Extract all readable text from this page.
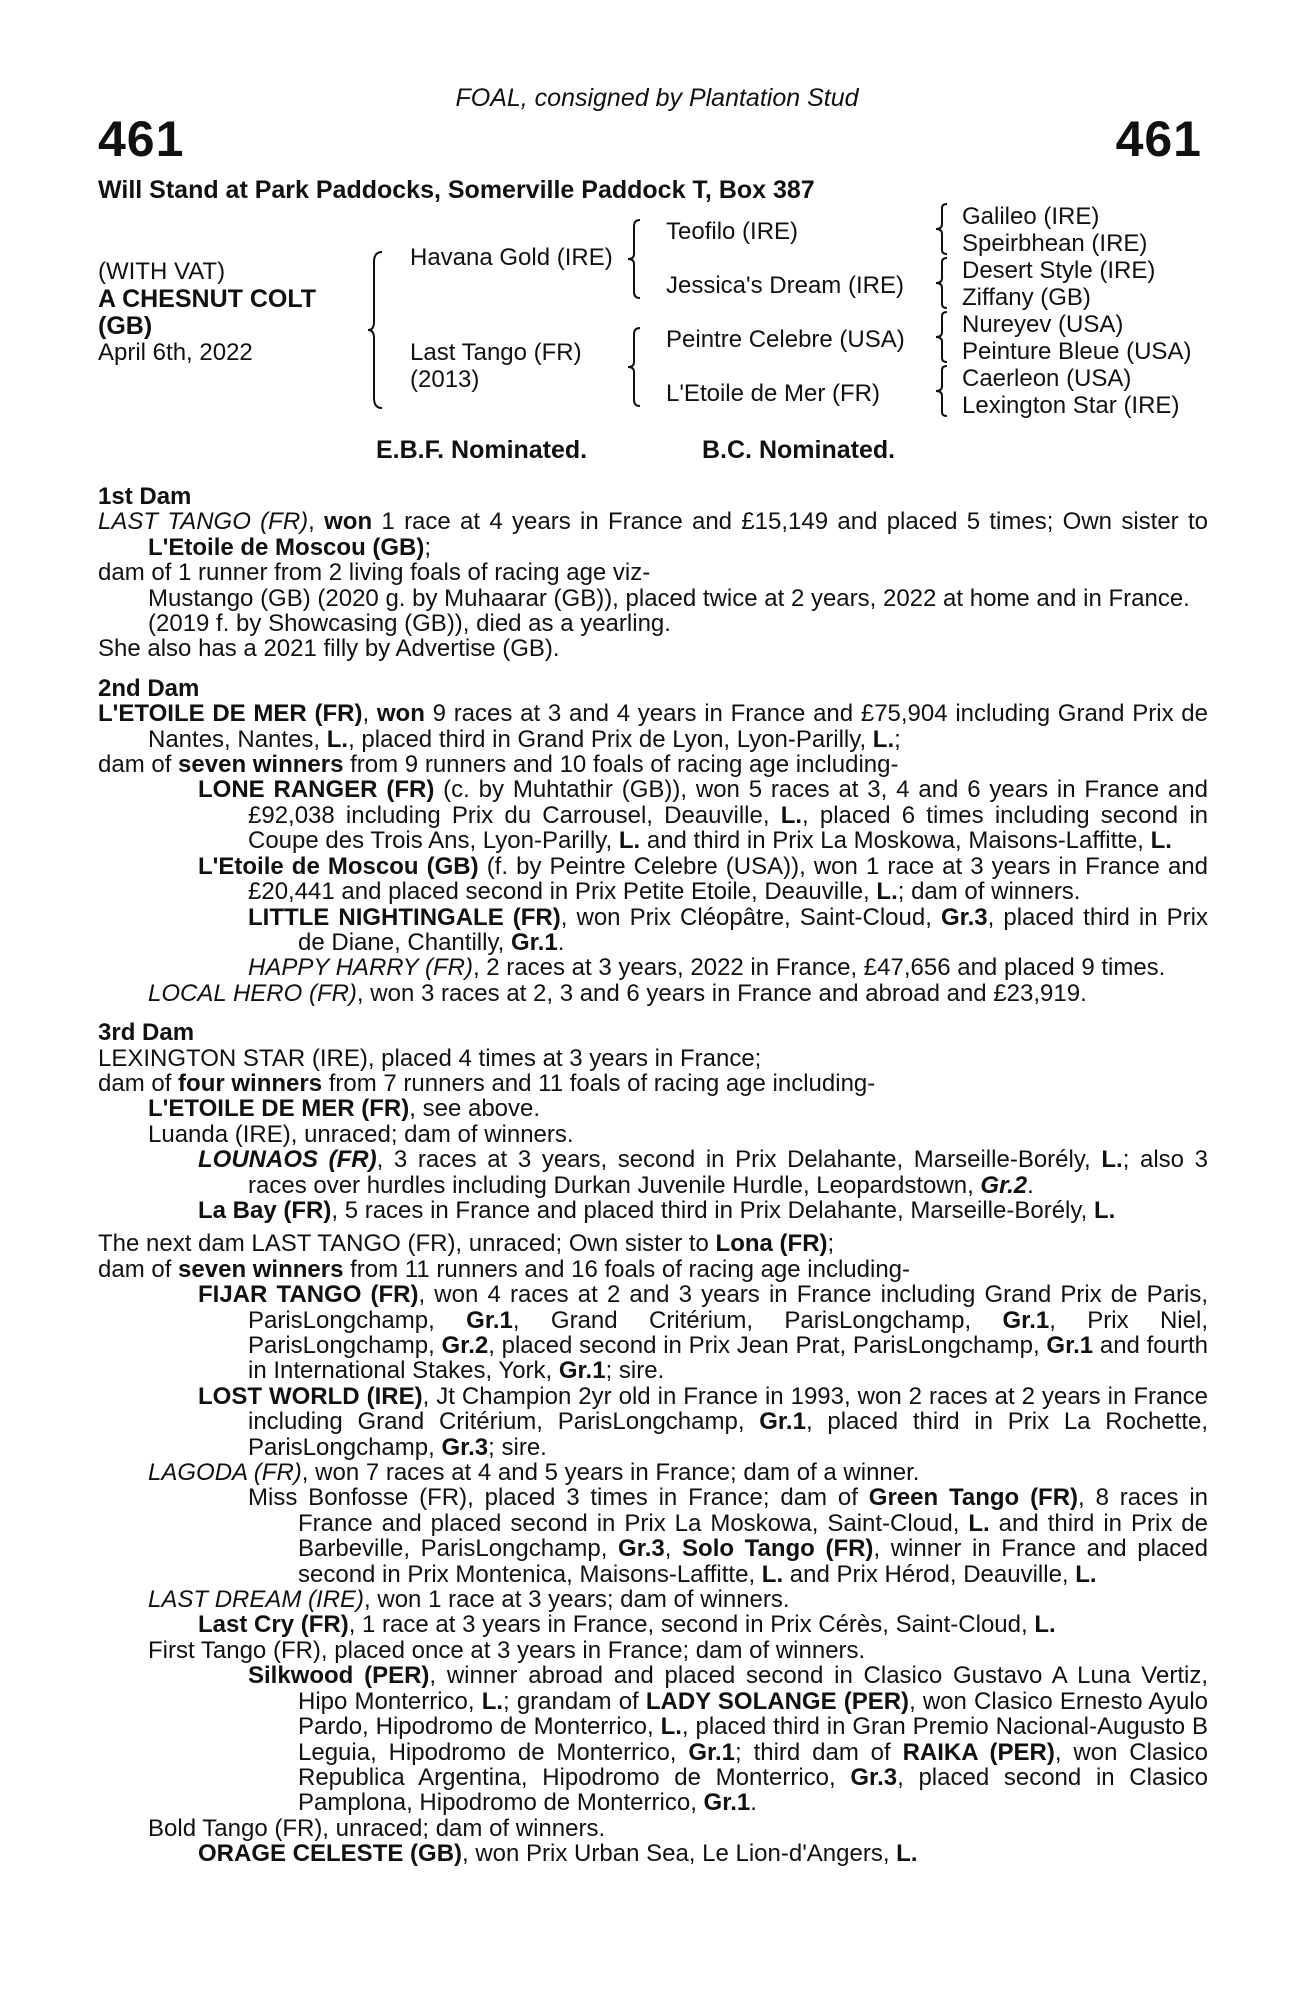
FOAL, consigned by Plantation Stud
461	461
Will Stand at Park Paddocks, Somerville Paddock T, Box 387
(WITH VAT)
A CHESNUT COLT
(GB)
April 6th, 2022
Havana Gold (IRE)
Last Tango (FR)
(2013)
Teofilo (IRE)
Jessica's Dream (IRE)
Peintre Celebre (USA)
L'Etoile de Mer (FR)
Galileo (IRE)
Speirbhean (IRE)
Desert Style (IRE)
Ziffany (GB)
Nureyev (USA)
Peinture Bleue (USA)
Caerleon (USA)
Lexington Star (IRE)
E.B.F. Nominated.	B.C. Nominated.
1st Dam

LAST TANGO (FR), won 1 race at 4 years in France and £15,149 and placed 5 times; Own sister to L'Etoile de Moscou (GB);

dam of 1 runner from 2 living foals of racing age viz-

Mustango (GB) (2020 g. by Muhaarar (GB)), placed twice at 2 years, 2022 at home and in France.

(2019 f. by Showcasing (GB)), died as a yearling.

She also has a 2021 filly by Advertise (GB).

2nd Dam

L'ETOILE DE MER (FR), won 9 races at 3 and 4 years in France and £75,904 including Grand Prix de Nantes, Nantes, L., placed third in Grand Prix de Lyon, Lyon-Parilly, L.;

dam of seven winners from 9 runners and 10 foals of racing age including-

LONE RANGER (FR) (c. by Muhtathir (GB)), won 5 races at 3, 4 and 6 years in France and £92,038 including Prix du Carrousel, Deauville, L., placed 6 times including second in Coupe des Trois Ans, Lyon-Parilly, L. and third in Prix La Moskowa, Maisons-Laffitte, L.

L'Etoile de Moscou (GB) (f. by Peintre Celebre (USA)), won 1 race at 3 years in France and £20,441 and placed second in Prix Petite Etoile, Deauville, L.; dam of winners.

LITTLE NIGHTINGALE (FR), won Prix Cléopâtre, Saint-Cloud, Gr.3, placed third in Prix de Diane, Chantilly, Gr.1.

HAPPY HARRY (FR), 2 races at 3 years, 2022 in France, £47,656 and placed 9 times.

LOCAL HERO (FR), won 3 races at 2, 3 and 6 years in France and abroad and £23,919.

3rd Dam

LEXINGTON STAR (IRE), placed 4 times at 3 years in France;

dam of four winners from 7 runners and 11 foals of racing age including-

L'ETOILE DE MER (FR), see above.

Luanda (IRE), unraced; dam of winners.

LOUNAOS (FR), 3 races at 3 years, second in Prix Delahante, Marseille-Borély, L.; also 3 races over hurdles including Durkan Juvenile Hurdle, Leopardstown, Gr.2.

La Bay (FR), 5 races in France and placed third in Prix Delahante, Marseille-Borély, L.

The next dam LAST TANGO (FR), unraced; Own sister to Lona (FR);

dam of seven winners from 11 runners and 16 foals of racing age including-

FIJAR TANGO (FR), won 4 races at 2 and 3 years in France including Grand Prix de Paris, ParisLongchamp, Gr.1, Grand Critérium, ParisLongchamp, Gr.1, Prix Niel, ParisLongchamp, Gr.2, placed second in Prix Jean Prat, ParisLongchamp, Gr.1 and fourth in International Stakes, York, Gr.1; sire.

LOST WORLD (IRE), Jt Champion 2yr old in France in 1993, won 2 races at 2 years in France including Grand Critérium, ParisLongchamp, Gr.1, placed third in Prix La Rochette, ParisLongchamp, Gr.3; sire.

LAGODA (FR), won 7 races at 4 and 5 years in France; dam of a winner.

Miss Bonfosse (FR), placed 3 times in France; dam of Green Tango (FR), 8 races in France and placed second in Prix La Moskowa, Saint-Cloud, L. and third in Prix de Barbeville, ParisLongchamp, Gr.3, Solo Tango (FR), winner in France and placed second in Prix Montenica, Maisons-Laffitte, L. and Prix Hérod, Deauville, L.

LAST DREAM (IRE), won 1 race at 3 years; dam of winners.

Last Cry (FR), 1 race at 3 years in France, second in Prix Cérès, Saint-Cloud, L.

First Tango (FR), placed once at 3 years in France; dam of winners.

Silkwood (PER), winner abroad and placed second in Clasico Gustavo A Luna Vertiz, Hipo Monterrico, L.; grandam of LADY SOLANGE (PER), won Clasico Ernesto Ayulo Pardo, Hipodromo de Monterrico, L., placed third in Gran Premio Nacional-Augusto B Leguia, Hipodromo de Monterrico, Gr.1; third dam of RAIKA (PER), won Clasico Republica Argentina, Hipodromo de Monterrico, Gr.3, placed second in Clasico Pamplona, Hipodromo de Monterrico, Gr.1.

Bold Tango (FR), unraced; dam of winners.

ORAGE CELESTE (GB), won Prix Urban Sea, Le Lion-d'Angers, L.
